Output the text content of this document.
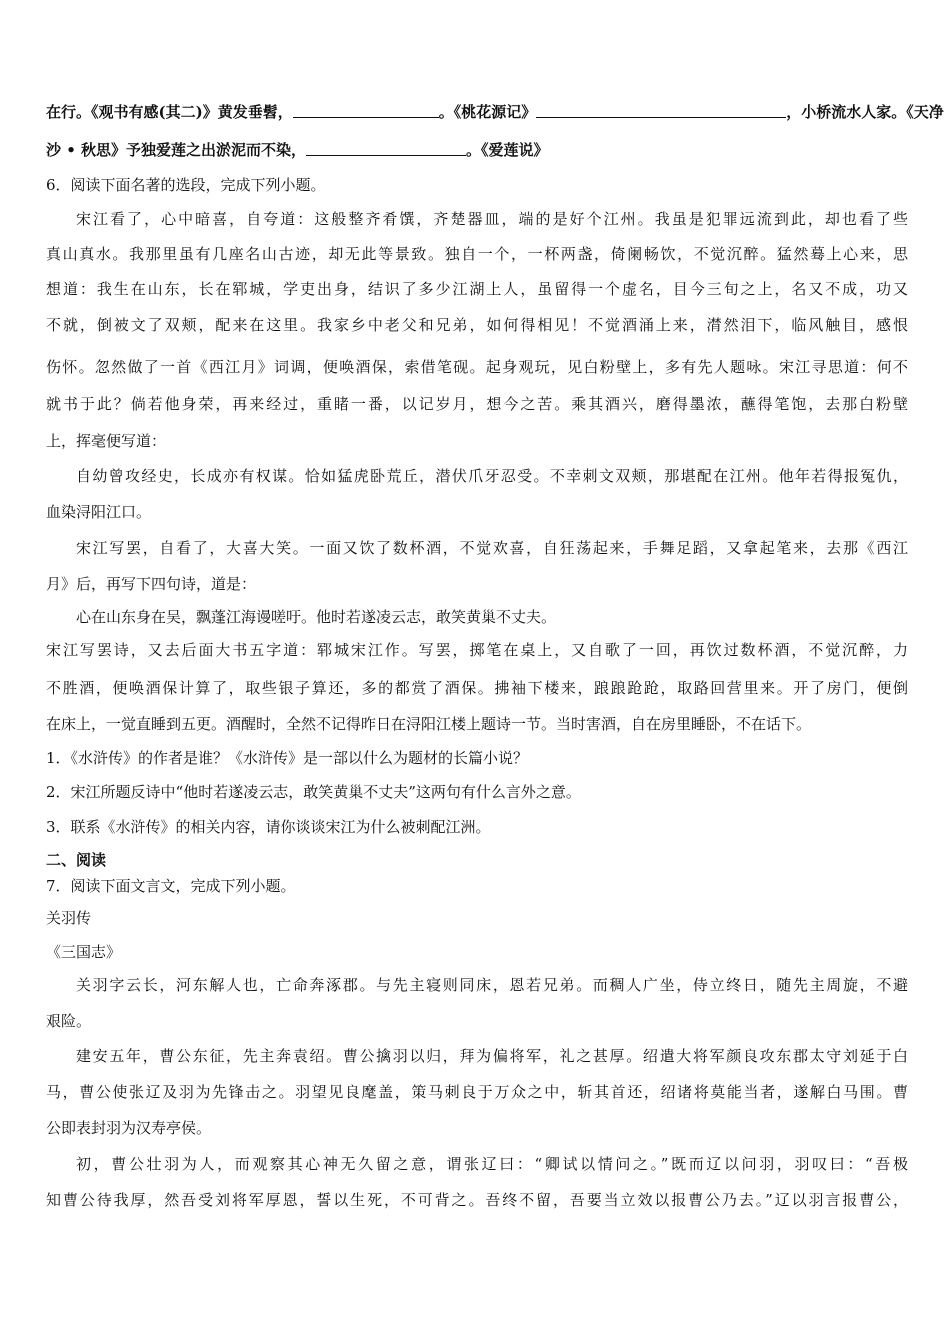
在行。《观书有感(其二)》黄发垂髫，	。《桃花源记》	，小桥流水人家。《天净
沙 • 秋思》予独爱莲之出淤泥而不染，	。《爱莲说》
6．阅读下面名著的选段，完成下列小题。
宋江看了，心中暗喜，自夸道：这般整齐肴馔，齐楚器皿，端的是好个江州。我虽是犯罪远流到此，却也看了些
真山真水。我那里虽有几座名山古迹，却无此等景致。独自一个，一杯两盏，倚阑畅饮，不觉沉醉。猛然蓦上心来，思
想道：我生在山东，长在郓城，学吏出身，结识了多少江湖上人，虽留得一个虚名，目今三旬之上，名又不成，功又
不就，倒被文了双颊，配来在这里。我家乡中老父和兄弟，如何得相见！不觉酒涌上来，潸然泪下，临风触目，感恨
伤怀。忽然做了一首《西江月》词调，便唤酒保，索借笔砚。起身观玩，见白粉壁上，多有先人题咏。宋江寻思道：何不
就书于此？倘若他身荣，再来经过，重睹一番，以记岁月，想今之苦。乘其酒兴，磨得墨浓，蘸得笔饱，去那白粉壁
上，挥毫便写道：
自幼曾攻经史，长成亦有权谋。恰如猛虎卧荒丘，潜伏爪牙忍受。不幸刺文双颊，那堪配在江州。他年若得报冤仇，
血染浔阳江口。
宋江写罢，自看了，大喜大笑。一面又饮了数杯酒，不觉欢喜，自狂荡起来，手舞足蹈，又拿起笔来，去那《西江
月》后，再写下四句诗，道是：
心在山东身在吴，飘蓬江海谩嗟吁。他时若遂凌云志，敢笑黄巢不丈夫。
宋江写罢诗，又去后面大书五字道：郓城宋江作。写罢，掷笔在桌上，又自歌了一回，再饮过数杯酒，不觉沉醉，力
不胜酒，便唤酒保计算了，取些银子算还，多的都赏了酒保。拂袖下楼来，踉踉跄跄，取路回营里来。开了房门，便倒
在床上，一觉直睡到五更。酒醒时，全然不记得昨日在浔阳江楼上题诗一节。当时害酒，自在房里睡卧，不在话下。
1．《水浒传》的作者是谁？《水浒传》是一部以什么为题材的长篇小说？
2．宋江所题反诗中“他时若遂凌云志，敢笑黄巢不丈夫”这两句有什么言外之意。
3．联系《水浒传》的相关内容，请你谈谈宋江为什么被刺配江洲。
二、阅读
7．阅读下面文言文，完成下列小题。
关羽传
《三国志》
关羽字云长，河东解人也，亡命奔涿郡。与先主寝则同床，恩若兄弟。而稠人广坐，侍立终日，随先主周旋，不避
艰险。
建安五年，曹公东征，先主奔袁绍。曹公擒羽以归，拜为偏将军，礼之甚厚。绍遣大将军颜良攻东郡太守刘延于白
马，曹公使张辽及羽为先锋击之。羽望见良麾盖，策马刺良于万众之中，斩其首还，绍诸将莫能当者，遂解白马围。曹
公即表封羽为汉寿亭侯。
初，曹公壮羽为人，而观察其心神无久留之意，谓张辽曰：“卿试以情问之。”既而辽以问羽，羽叹曰：“吾极
知曹公待我厚，然吾受刘将军厚恩，誓以生死，不可背之。吾终不留，吾要当立效以报曹公乃去。”辽以羽言报曹公，
